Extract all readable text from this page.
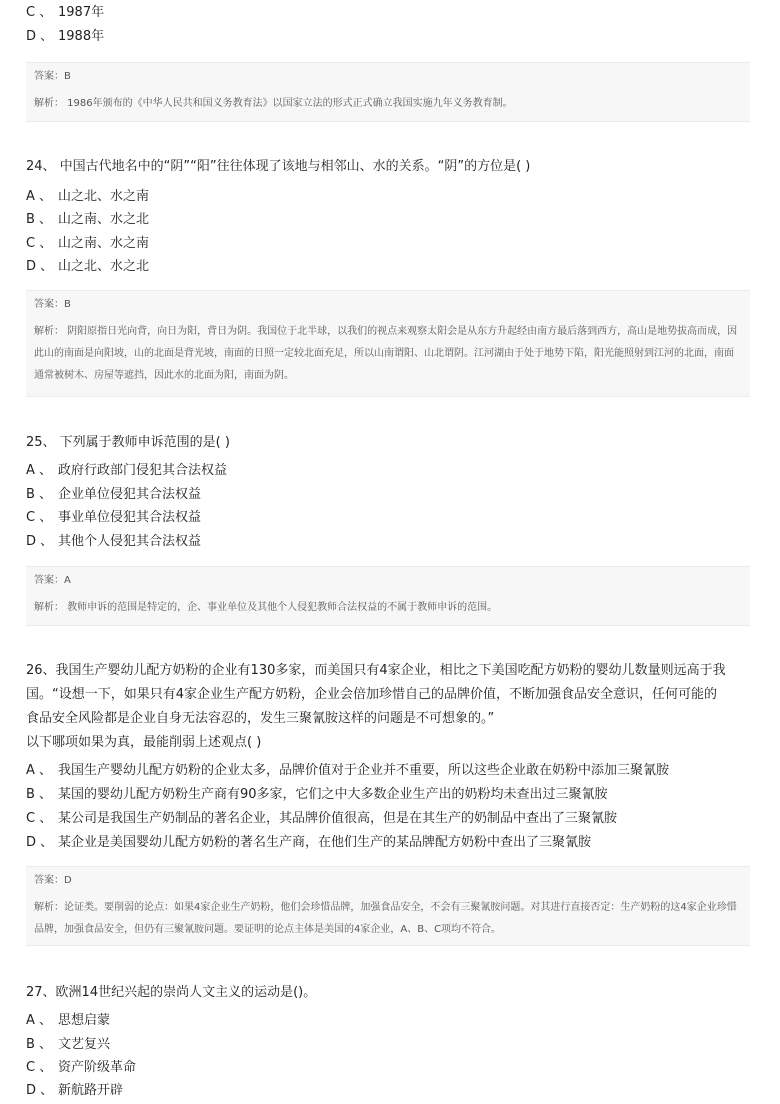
C 、 1987年
D 、 1988年
答案：B
解析： 1986年颁布的《中华人民共和国义务教育法》以国家立法的形式正式确立我国实施九年义务教育制。
24、 中国古代地名中的“阴”“阳”往往体现了该地与相邻山、水的关系。“阴”的方位是( )
A 、 山之北、水之南
B 、 山之南、水之北
C 、 山之南、水之南
D 、 山之北、水之北
答案：B
解析： 阴阳原指日光向背，向日为阳，背日为阴。我国位于北半球，以我们的视点来观察太阳会是从东方升起经由南方最后落到西方，高山是地势拔高而成，因此山的南面是向阳坡，山的北面是背光坡，南面的日照一定较北面充足，所以山南谓阳、山北谓阴。江河湖由于处于地势下陷，阳光能照射到江河的北面，南面通常被树木、房屋等遮挡，因此水的北面为阳，南面为阴。
25、 下列属于教师申诉范围的是( )
A 、 政府行政部门侵犯其合法权益
B 、 企业单位侵犯其合法权益
C 、 事业单位侵犯其合法权益
D 、 其他个人侵犯其合法权益
答案：A
解析： 教师申诉的范围是特定的，企、事业单位及其他个人侵犯教师合法权益的不属于教师申诉的范围。
26、我国生产婴幼儿配方奶粉的企业有130多家，而美国只有4家企业，相比之下美国吃配方奶粉的婴幼儿数量则远高于我
国。“设想一下，如果只有4家企业生产配方奶粉，企业会倍加珍惜自己的品牌价值，不断加强食品安全意识，任何可能的
食品安全风险都是企业自身无法容忍的，发生三聚氰胺这样的问题是不可想象的。”
以下哪项如果为真，最能削弱上述观点( )
A 、 我国生产婴幼儿配方奶粉的企业太多，品牌价值对于企业并不重要，所以这些企业敢在奶粉中添加三聚氰胺
B 、 某国的婴幼儿配方奶粉生产商有90多家，它们之中大多数企业生产出的奶粉均未查出过三聚氰胺
C 、 某公司是我国生产奶制品的著名企业，其品牌价值很高，但是在其生产的奶制品中查出了三聚氰胺
D 、 某企业是美国婴幼儿配方奶粉的著名生产商，在他们生产的某品牌配方奶粉中查出了三聚氰胺
答案：D
解析：论证类。要削弱的论点：如果4家企业生产奶粉，他们会珍惜品牌，加强食品安全，不会有三聚氰胺问题。对其进行直接否定：生产奶粉的这4家企业珍惜品牌，加强食品安全，但仍有三聚氰胺问题。要证明的论点主体是美国的4家企业，A、B、C项均不符合。
27、欧洲14世纪兴起的崇尚人文主义的运动是()。
A 、 思想启蒙
B 、 文艺复兴
C 、 资产阶级革命
D 、 新航路开辟
